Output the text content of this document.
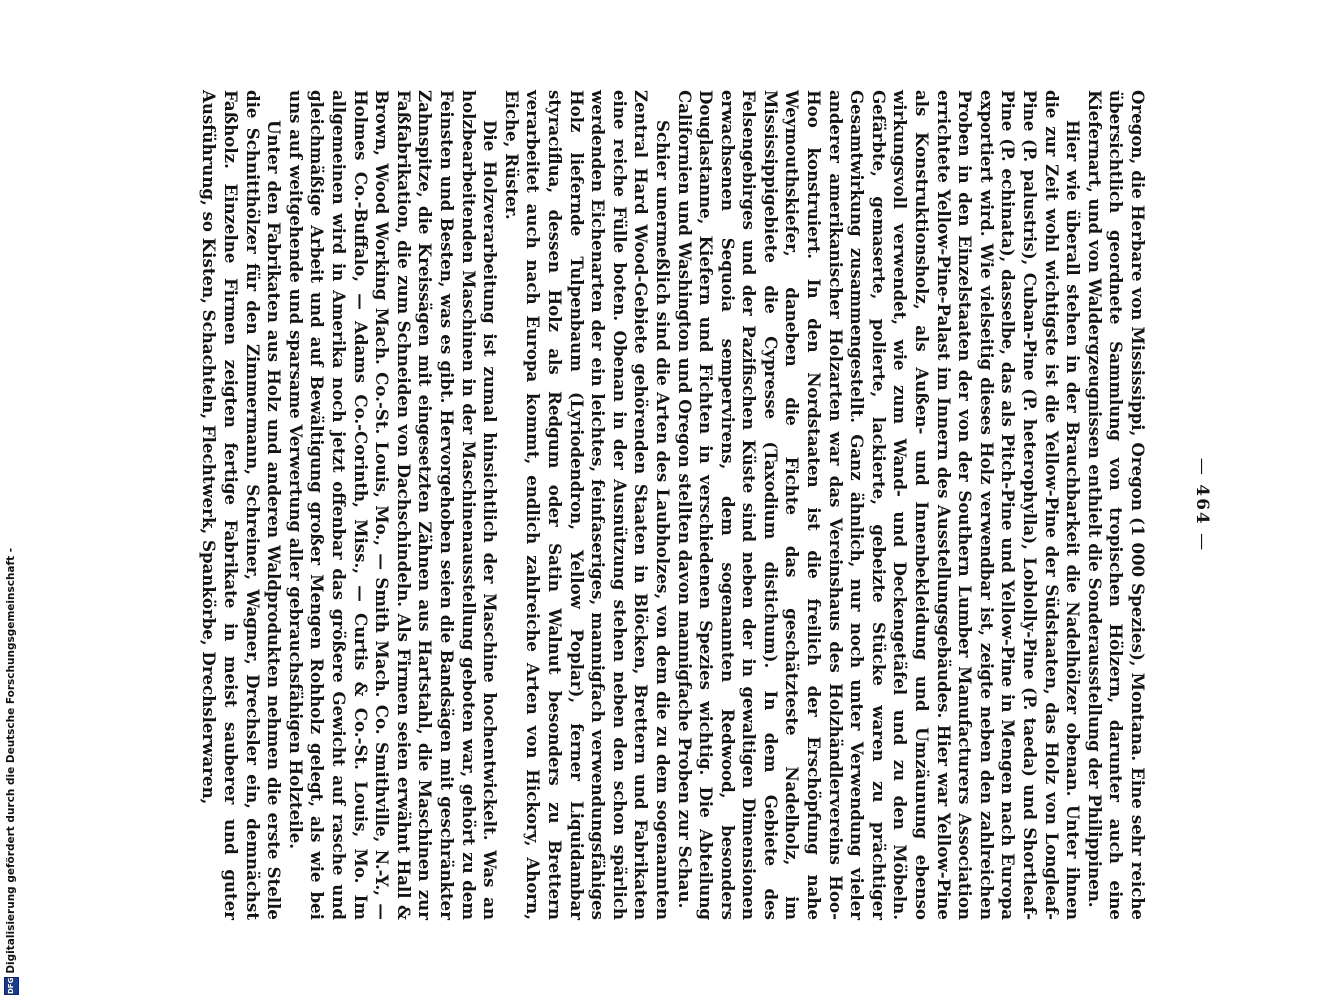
— 464 —

Oregon, die Herbare von Mississippi, Oregon (1 000 Spezies), Montana. Eine sehr reiche übersichtlich geordnete Sammlung von tropischen Hölzern, darunter auch eine Kiefernart, und von Waldergzeugnissen enthielt die Sonderausstellung der Philippinen.

Hier wie überall stehen in der Brauchbarkeit die Nadelhölzer obenan. Unter ihnen die zur Zeit wohl wichtigste ist die Yellow-Pine der Südstaaten, das Holz von Longleaf-Pine (P. palustris), Cuban-Pine (P. heterophylla), Loblolly-Pine (P. taeda) und Shortleaf-Pine (P. echinata), dasselbe, das als Pitch-Pine und Yellow-Pine in Mengen nach Europa exportiert wird. Wie vielseitig dieses Holz verwendbar ist, zeigte neben den zahlreichen Proben in den Einzelstaaten der von der Southern Lumber Manufacturers Association errichtete Yellow-Pine-Palast im Innern des Ausstellungsgebäudes. Hier war Yellow-Pine als Konstruktionsholz, als Außen- und Innenbekleidung und Umzäunung ebenso wirkungsvoll verwendet, wie zum Wand- und Deckengetäfel und zu den Möbeln. Gefärbte, gemaserte, polierte, lackierte, gebeizte Stücke waren zu prächtiger Gesamtwirkung zusammengestellt. Ganz ähnlich, nur noch unter Verwendung vieler anderer amerikanischer Holzarten war das Vereinshaus des Holzhändlervereins Hoo-Hoo konstruiert. In den Nordstaaten ist die freilich der Erschöpfung nahe Weymouthskiefer, daneben die Fichte das geschätzteste Nadelholz, im Mississippigebiete die Cypresse (Taxodium distichum). In dem Gebiete des Felsengebirges und der Pazifischen Küste sind neben der in gewaltigen Dimensionen erwachsenen Sequoia sempervirens, dem sogenannten Redwood, besonders Douglastanne, Kiefern und Fichten in verschiedenen Spezies wichtig. Die Abteilung Californien und Washington und Oregon stellten davon mannigfache Proben zur Schau.

Schier unermeßlich sind die Arten des Laubholzes, von dem die zu dem sogenannten Zentral Hard Wood-Gebiete gehörenden Staaten in Blöcken, Brettern und Fabrikaten eine reiche Fülle boten. Obenan in der Ausnützung stehen neben den schon spärlich werdenden Eichenarten der ein leichtes, feinfaseriges, mannigfach verwendungsfähiges Holz liefernde Tulpenbaum (Lyriodendron, Yellow Poplar), ferner Liquidambar styraciflua, dessen Holz als Redgum oder Satin Walnut besonders zu Brettern verarbeitet auch nach Europa kommt, endlich zahlreiche Arten von Hickory, Ahorn, Eiche, Rüster.

Die Holzverarbeitung ist zumal hinsichtlich der Maschine hochentwickelt. Was an holzbearbeitenden Maschinen in der Maschinenausstellung geboten war, gehört zu dem Feinsten und Besten, was es gibt. Hervorgehoben seien die Bandsägen mit geschränkter Zahnspitze, die Kreissägen mit eingesetzten Zähnen aus Hartstahl, die Maschinen zur Faßfabrikation, die zum Schneiden von Dachschindeln. Als Firmen seien erwähnt Hall & Brown, Wood Working Mach. Co.-St. Louis, Mo., — Smith Mach. Co. Smithville, N.-Y., — Holmes Co.-Buffalo, — Adams Co.-Corinth, Miss., — Curtis & Co.-St. Louis, Mo. Im allgemeinen wird in Amerika noch jetzt offenbar das größere Gewicht auf rasche und gleichmäßige Arbeit und auf Bewältigung großer Mengen Rohholz gelegt, als wie bei uns auf weitgehende und sparsame Verwertung aller gebrauchsfähigen Holzteile.

Unter den Fabrikaten aus Holz und anderen Waldprodukten nehmen die erste Stelle die Schnitthölzer für den Zimmermann, Schreiner, Wagner, Drechsler ein, demnächst Faßholz. Einzelne Firmen zeigten fertige Fabrikate in meist sauberer und guter Ausführung, so Kisten, Schachteln, Flechtwerk, Spankörbe, Drechslerwaren,

DFG
Digitalisierung gefördert durch die Deutsche Forschungsgemeinschaft -
